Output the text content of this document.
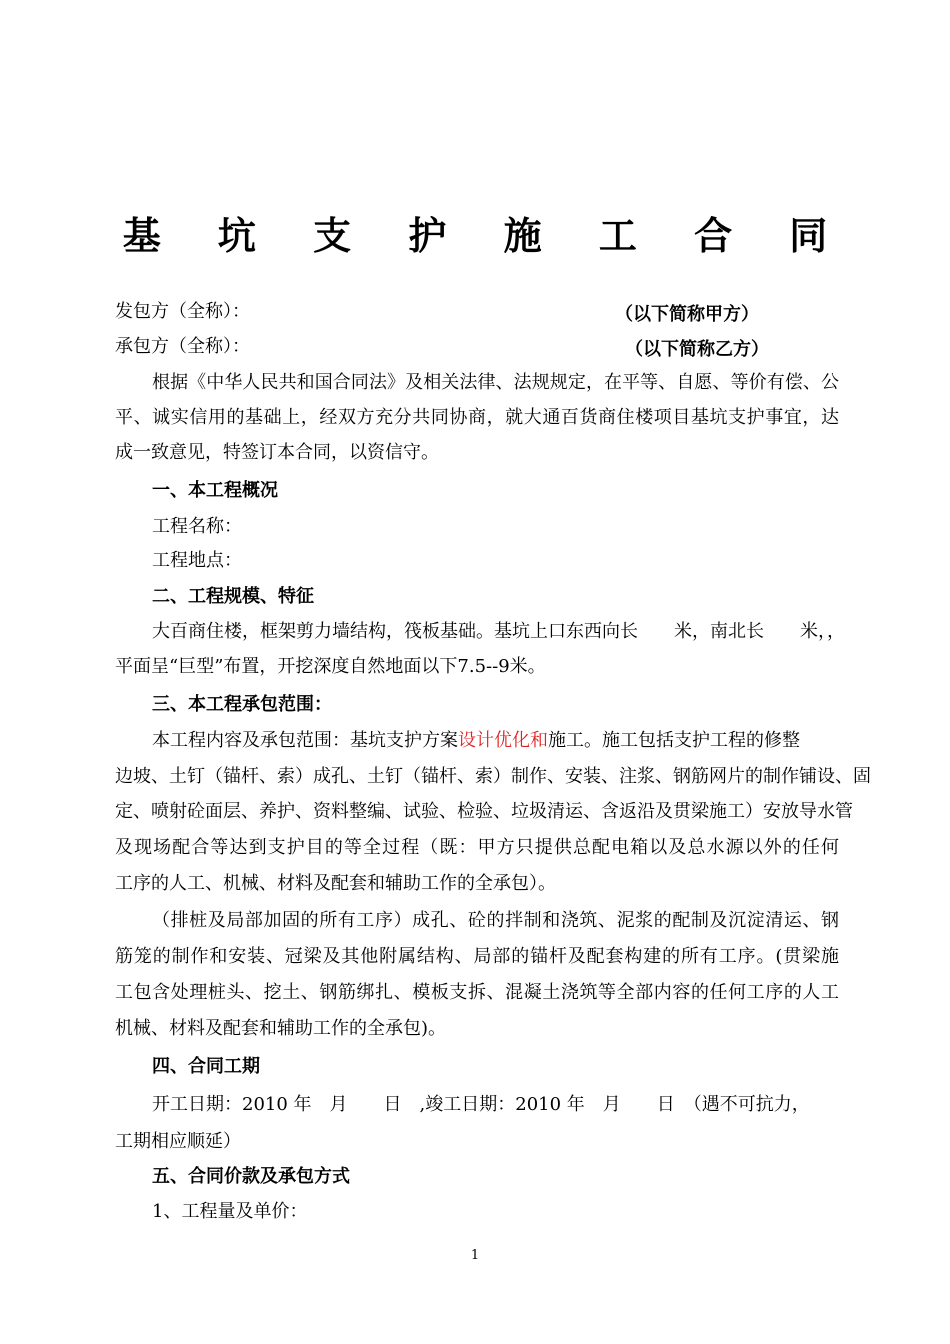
基 坑 支 护 施 工 合 同
发包方（全称）：	（以下简称甲方）
承包方（全称）：	（以下简称乙方）
根据《中华人民共和国合同法》及相关法律、法规规定，在平等、自愿、等价有偿、公
平、诚实信用的基础上，经双方充分共同协商，就大通百货商住楼项目基坑支护事宜，达
成一致意见，特签订本合同，以资信守。
一、本工程概况
工程名称：
工程地点：
二、工程规模、特征
大百商住楼，框架剪力墙结构，筏板基础。基坑上口东西向长　　米，南北长　　米，，
平面呈“巨型”布置，开挖深度自然地面以下7.5--9米。
三、本工程承包范围：
本工程内容及承包范围：基坑支护方案设计优化和施工。施工包括支护工程的修整
边坡、土钉（锚杆、索）成孔、土钉（锚杆、索）制作、安装、注浆、钢筋网片的制作铺设、固
定、喷射砼面层、养护、资料整编、试验、检验、垃圾清运、含返沿及贯梁施工）安放导水管
及现场配合等达到支护目的等全过程（既：甲方只提供总配电箱以及总水源以外的任何
工序的人工、机械、材料及配套和辅助工作的全承包）。
（排桩及局部加固的所有工序）成孔、砼的拌制和浇筑、泥浆的配制及沉淀清运、钢
筋笼的制作和安装、冠梁及其他附属结构、局部的锚杆及配套构建的所有工序。(贯梁施
工包含处理桩头、挖土、钢筋绑扎、模板支拆、混凝土浇筑等全部内容的任何工序的人工
机械、材料及配套和辅助工作的全承包)。
四、合同工期
开工日期：2010 年　月　　日　,竣工日期：2010 年　月　　日　（遇不可抗力，
工期相应顺延）
五、合同价款及承包方式
1、工程量及单价：
1
